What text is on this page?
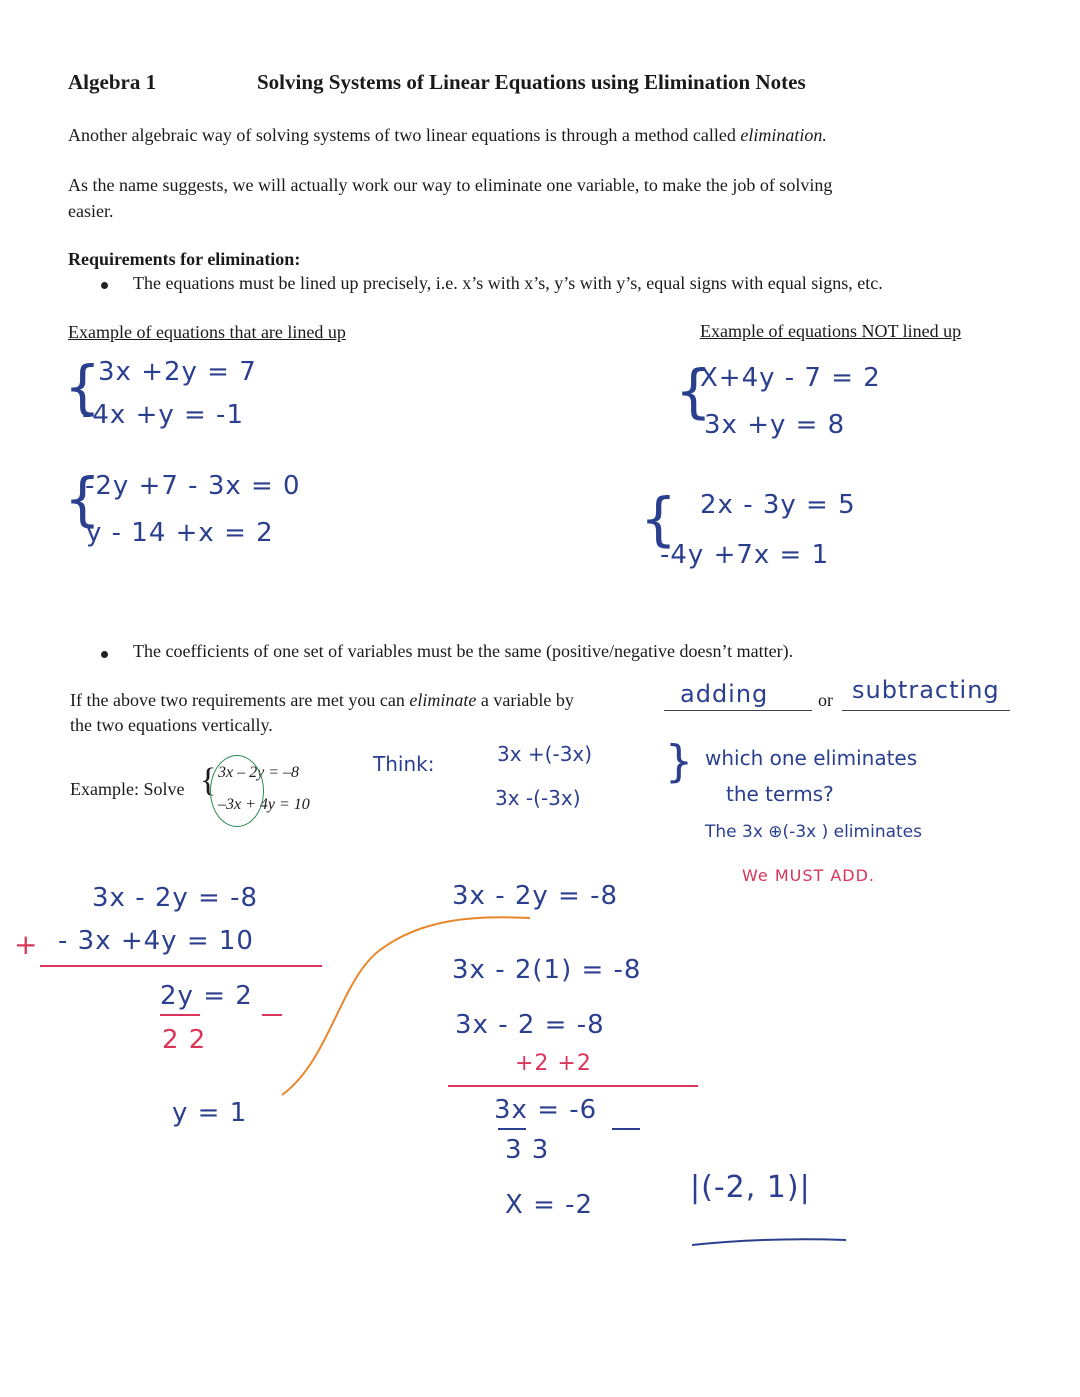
Algebra 1	Solving Systems of Linear Equations using Elimination Notes
Another algebraic way of solving systems of two linear equations is through a method called elimination.
As the name suggests, we will actually work our way to eliminate one variable, to make the job of solving
easier.
Requirements for elimination:
The equations must be lined up precisely, i.e. x’s with x’s, y’s with y’s, equal signs with equal signs, etc.
Example of equations that are lined up	Example of equations NOT lined up
{
3x +2y = 7
-4x +y = -1
{
-2y +7 - 3x = 0
y - 14 +x = 2
{
X+4y - 7 = 2
3x +y = 8
{ 2x - 3y = 5
-4y +7x = 1
The coefficients of one set of variables must be the same (positive/negative doesn’t matter).
If the above two requirements are met you can eliminate a variable by	adding	or subtracting
the two equations vertically.
Example: Solve { 3x – 2y = –8
–3x + 4y = 10
Think:	3x +(-3x)
3x -(-3x)
{ which one eliminates
the terms?
The 3x ⊕(-3x ) eliminates
We MUST ADD.
+
3x - 2y = -8
- 3x +4y = 10
2y = 2
2 2
y = 1
3x - 2y = -8
3x - 2(1) = -8
3x - 2 = -8
+2 +2
3x = -6
3 3
X = -2	|(-2, 1)|
